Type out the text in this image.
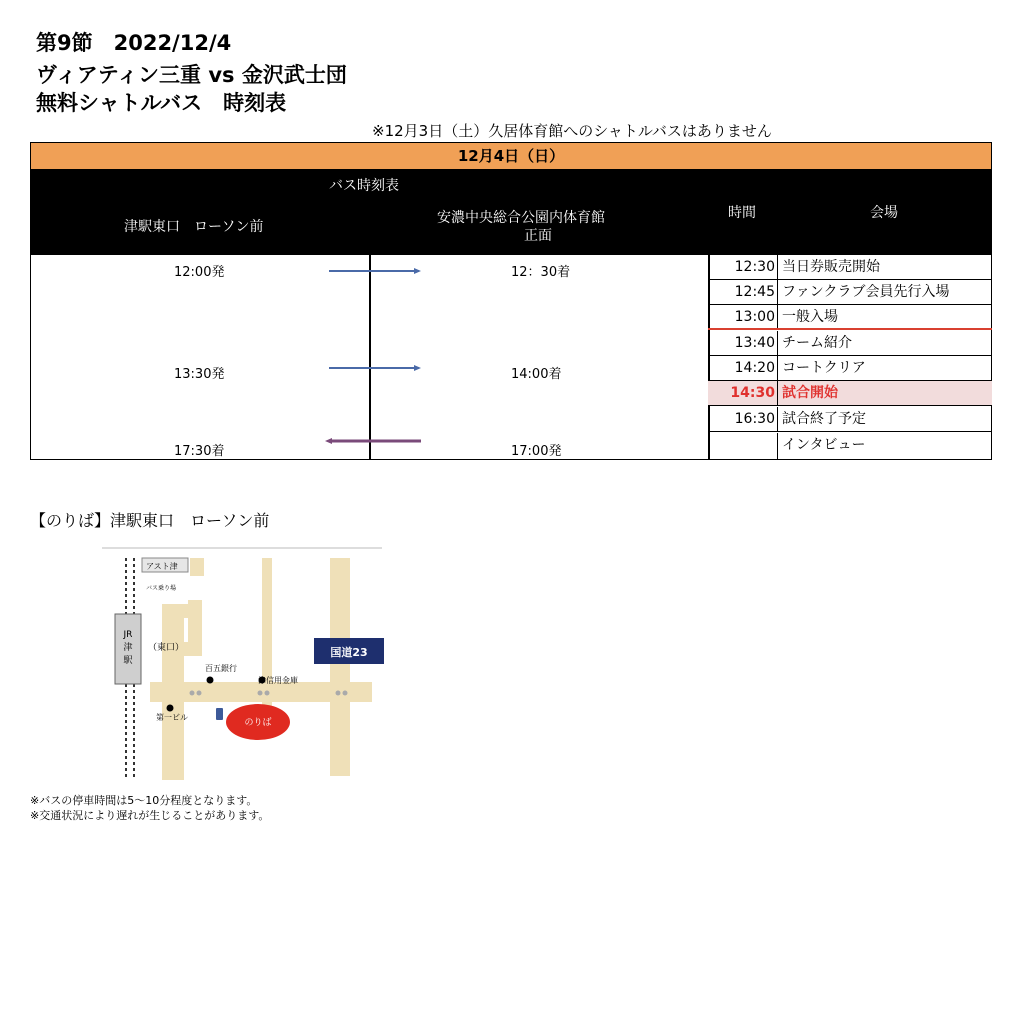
第9節　2022/12/4
ヴィアティン三重 vs 金沢武士団
無料シャトルバス　時刻表
※12月3日（土）久居体育館へのシャトルバスはありません
12月4日（日）
バス時刻表
津駅東口　ローソン前
安濃中央総合公園内体育館
正面
時間	会場
12:00発	12：30着
13:30発	14:00着
17:30着	17:00発
12:30 当日券販売開始
12:45 ファンクラブ会員先行入場
13:00 一般入場
13:40 チーム紹介
14:20 コートクリア
14:30 試合開始
16:30 試合終了予定
インタビュー
【のりば】津駅東口　ローソン前
アスト津
バス乗り場
JR
津
駅
（東口）
百五銀行
津信用金庫
第一ビル
国道23
のりば
※バスの停車時間は5～10分程度となります。
※交通状況により遅れが生じることがあります。
